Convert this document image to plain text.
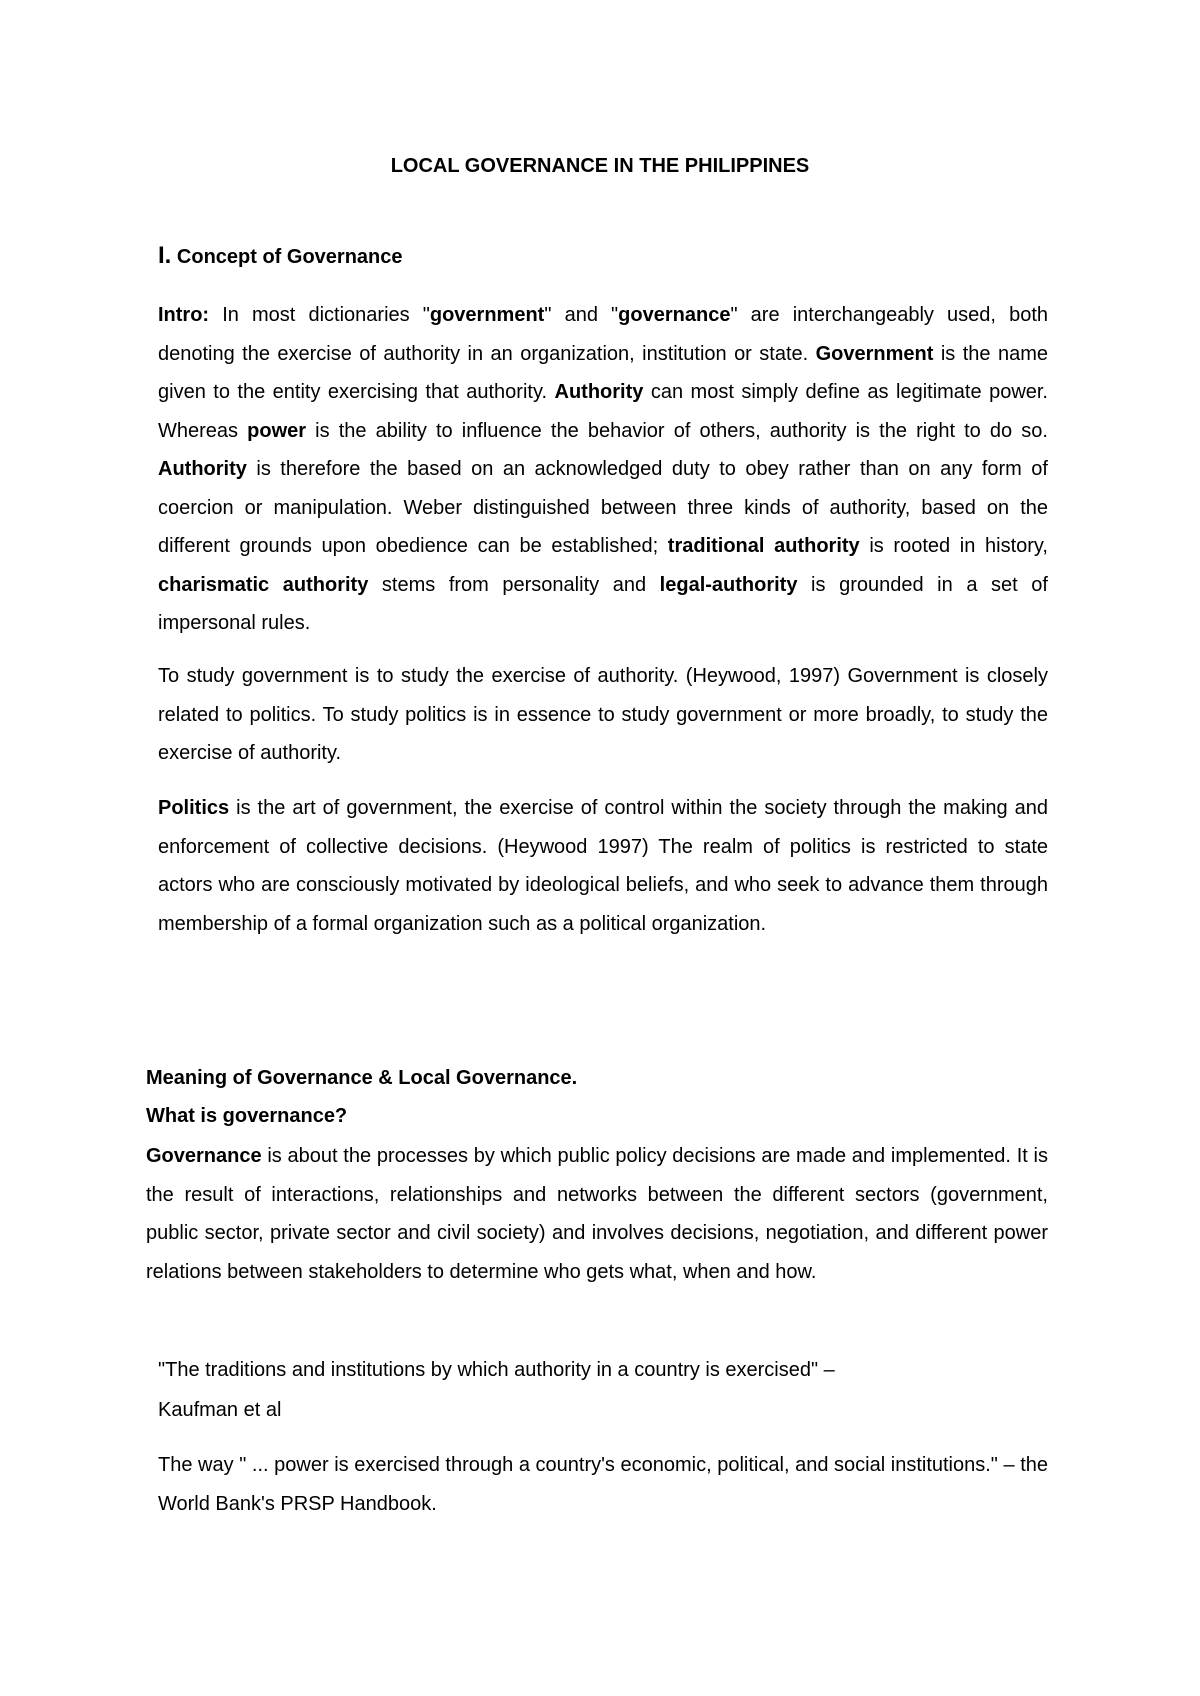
LOCAL GOVERNANCE IN THE PHILIPPINES
I. Concept of Governance
Intro: In most dictionaries "government" and "governance" are interchangeably used, both denoting the exercise of authority in an organization, institution or state. Government is the name given to the entity exercising that authority. Authority can most simply define as legitimate power. Whereas power is the ability to influence the behavior of others, authority is the right to do so. Authority is therefore the based on an acknowledged duty to obey rather than on any form of coercion or manipulation. Weber distinguished between three kinds of authority, based on the different grounds upon obedience can be established; traditional authority is rooted in history, charismatic authority stems from personality and legal-authority is grounded in a set of impersonal rules.
To study government is to study the exercise of authority. (Heywood, 1997) Government is closely related to politics. To study politics is in essence to study government or more broadly, to study the exercise of authority.
Politics is the art of government, the exercise of control within the society through the making and enforcement of collective decisions. (Heywood 1997) The realm of politics is restricted to state actors who are consciously motivated by ideological beliefs, and who seek to advance them through membership of a formal organization such as a political organization.
Meaning of Governance & Local Governance.
What is governance?
Governance is about the processes by which public policy decisions are made and implemented. It is the result of interactions, relationships and networks between the different sectors (government, public sector, private sector and civil society) and involves decisions, negotiation, and different power relations between stakeholders to determine who gets what, when and how.
"The traditions and institutions by which authority in a country is exercised" –
Kaufman et al
The way " ... power is exercised through a country's economic, political, and social institutions." – the World Bank's PRSP Handbook.
